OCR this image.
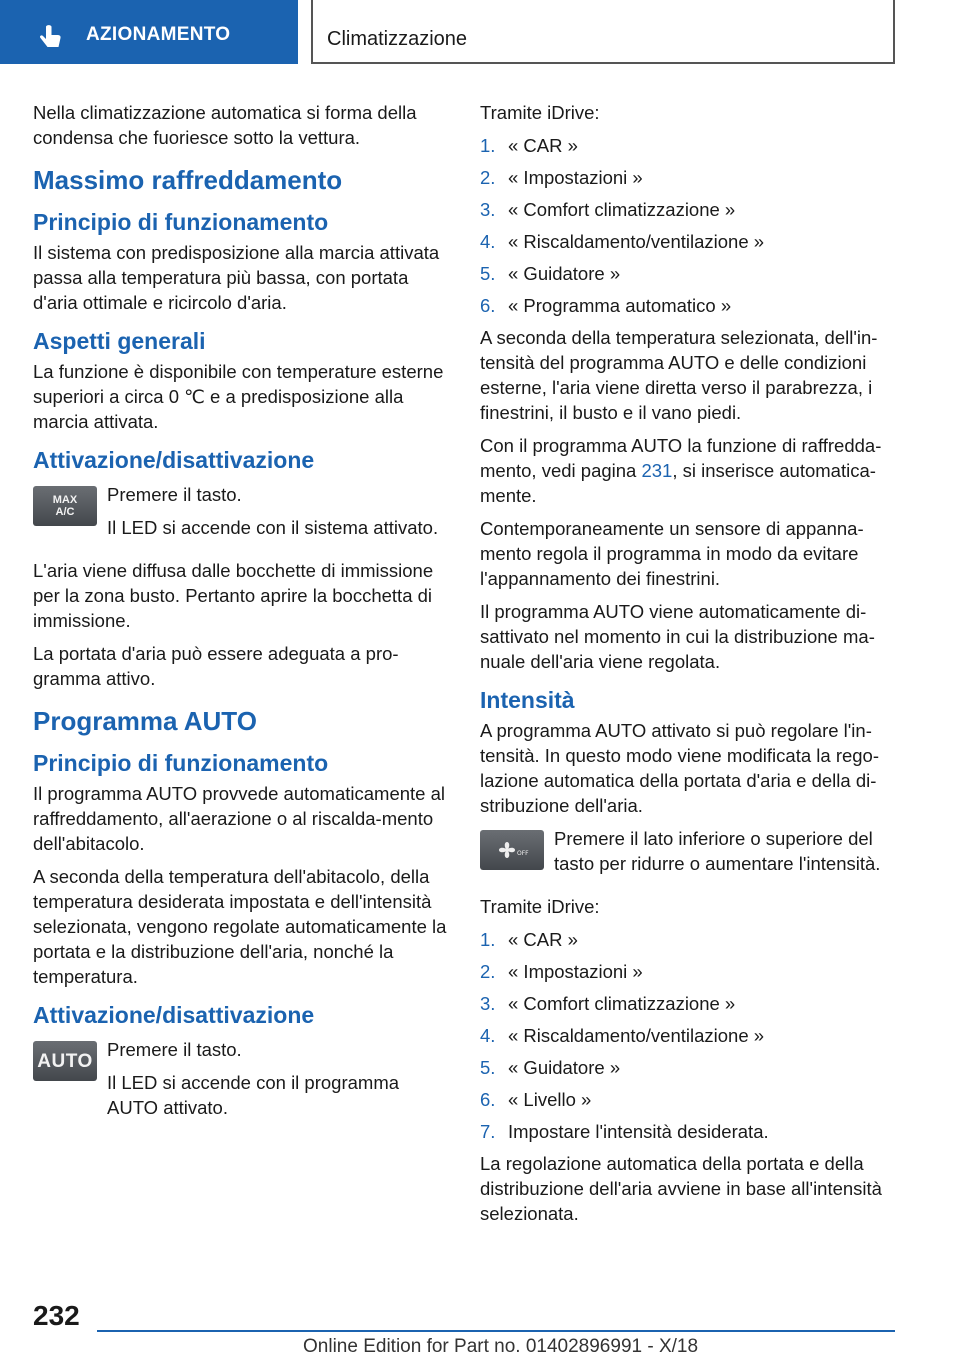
AZIONAMENTO	Climatizzazione

Nella climatizzazione automatica si forma della condensa che fuoriesce sotto la vettura.

Massimo raffreddamento
Principio di funzionamento

Il sistema con predisposizione alla marcia attivata passa alla temperatura più bassa, con portata d'aria ottimale e ricircolo d'aria.

Aspetti generali

La funzione è disponibile con temperature esterne superiori a circa 0 ℃ e a predisposizione alla marcia attivata.

Attivazione/disattivazione
MAX
A/C

Premere il tasto.

Il LED si accende con il sistema attivato.

L'aria viene diffusa dalle bocchette di immissione per la zona busto. Pertanto aprire la bocchetta di immissione.

La portata d'aria può essere adeguata a pro-gramma attivo.

Programma AUTO
Principio di funzionamento

Il programma AUTO provvede automaticamente al raffreddamento, all'aerazione o al riscalda-mento dell'abitacolo.

A seconda della temperatura dell'abitacolo, della temperatura desiderata impostata e dell'intensità selezionata, vengono regolate automaticamente la portata e la distribuzione dell'aria, nonché la temperatura.

Attivazione/disattivazione
AUTO

Premere il tasto.

Il LED si accende con il programma AUTO attivato.

Tramite iDrive:

1. « CAR »
2. « Impostazioni »
3. « Comfort climatizzazione »
4. « Riscaldamento/ventilazione »
5. « Guidatore »
6. « Programma automatico »

A seconda della temperatura selezionata, dell'in-tensità del programma AUTO e delle condizioni esterne, l'aria viene diretta verso il parabrezza, i finestrini, il busto e il vano piedi.

Con il programma AUTO la funzione di raffredda-mento, vedi pagina 231, si inserisce automatica-mente.

Contemporaneamente un sensore di appanna-mento regola il programma in modo da evitare l'appannamento dei finestrini.

Il programma AUTO viene automaticamente di-sattivato nel momento in cui la distribuzione ma-nuale dell'aria viene regolata.

Intensità

A programma AUTO attivato si può regolare l'in-tensità. In questo modo viene modificata la rego-lazione automatica della portata d'aria e della di-stribuzione dell'aria.

OFF

Premere il lato inferiore o superiore del tasto per ridurre o aumentare l'intensità.

Tramite iDrive:

1. « CAR »
2. « Impostazioni »
3. « Comfort climatizzazione »
4. « Riscaldamento/ventilazione »
5. « Guidatore »
6. « Livello »
7. Impostare l'intensità desiderata.

La regolazione automatica della portata e della distribuzione dell'aria avviene in base all'intensità selezionata.

232
Online Edition for Part no. 01402896991 - X/18
